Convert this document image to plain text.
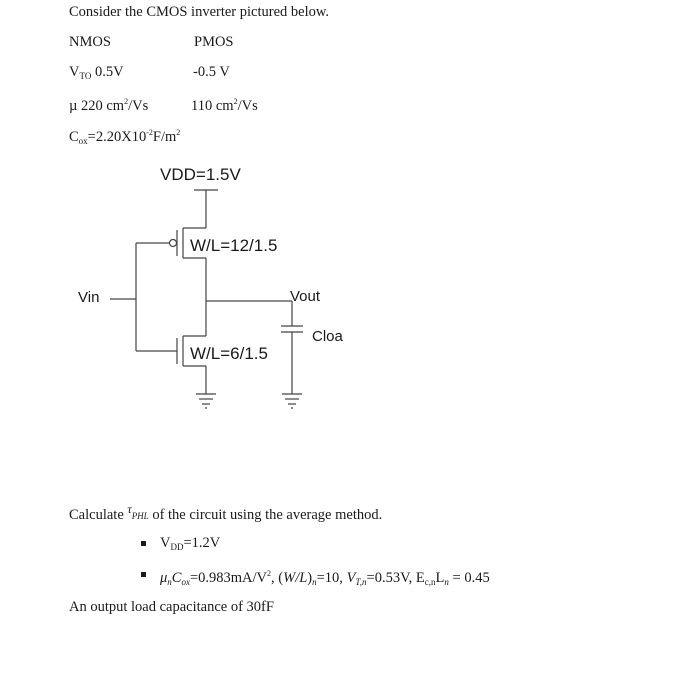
Consider the CMOS inverter pictured below.
NMOS	PMOS
$V_{TO}$ 0.5V	-0.5 V
µ 220 $cm^2/Vs$	110 $cm^2/Vs$
$C_{ox}=2.20X10^{-2}F/m^2$
VDD=1.5V
W/L=12/1.5
W/L=6/1.5
Vin	Vout
Cloa
Calculate $^\tau$PHL of the circuit using the average method.
$V_{DD}=1.2V$
$\mu_nC_{ox}=0.983mA/V^2$, $(W/L)_n=10$, $V_{T,n}=0.53V$, $E_{c,n}L_n = 0.45$
An output load capacitance of 30fF
